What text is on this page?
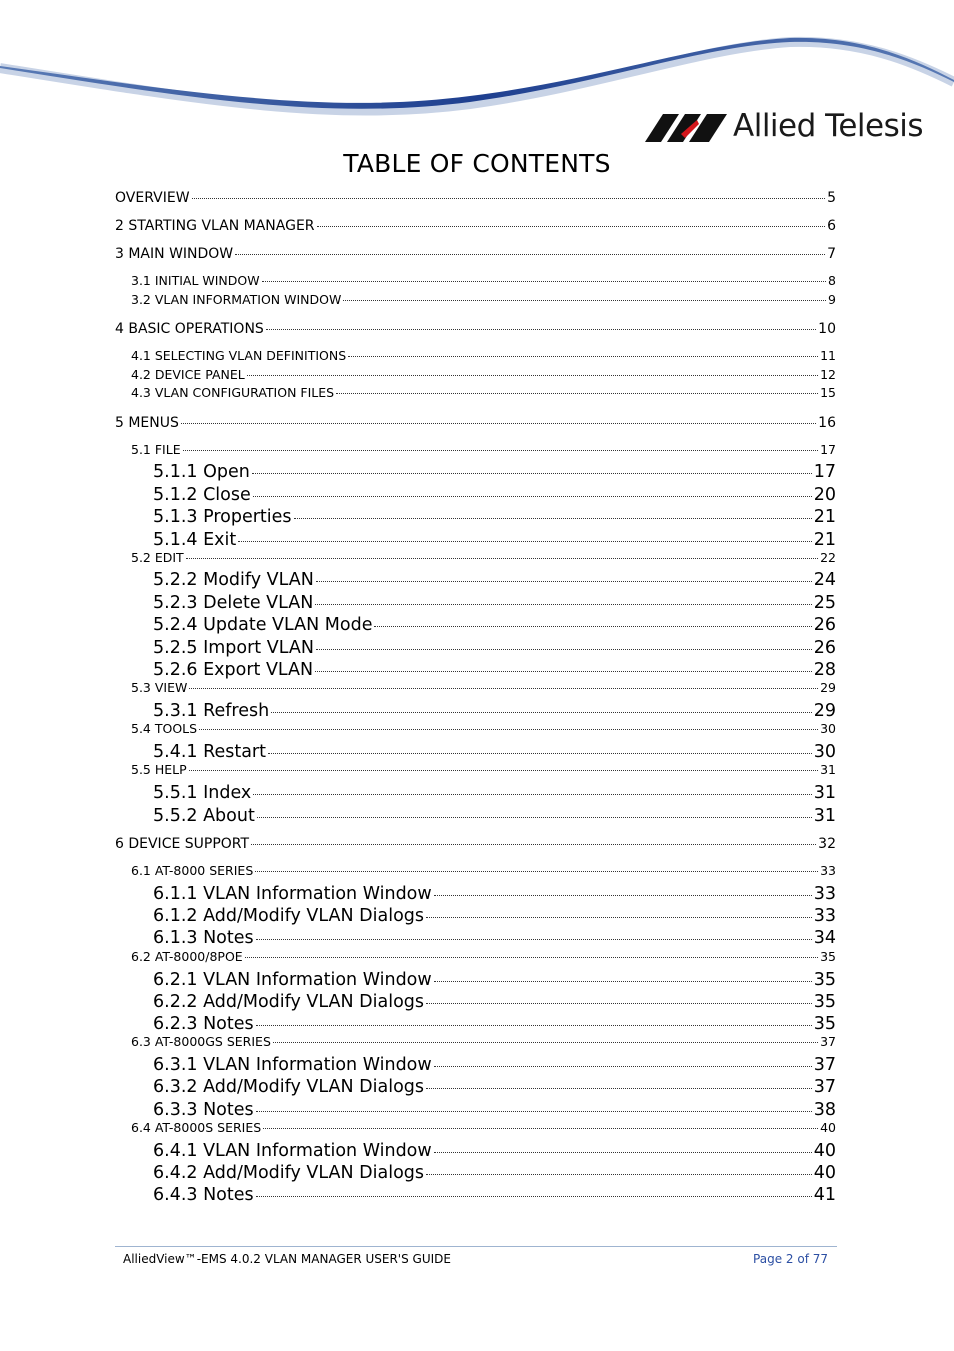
Allied Telesis
TABLE OF CONTENTS
OVERVIEW	5
2 STARTING VLAN MANAGER	6
3 MAIN WINDOW	7
3.1 INITIAL WINDOW	8
3.2 VLAN INFORMATION WINDOW	9
4 BASIC OPERATIONS	10
4.1 SELECTING VLAN DEFINITIONS	11
4.2 DEVICE PANEL	12
4.3 VLAN CONFIGURATION FILES	15
5 MENUS	16
5.1 FILE	17
5.1.1 Open	17
5.1.2 Close	20
5.1.3 Properties	21
5.1.4 Exit	21
5.2 EDIT	22
5.2.2 Modify VLAN	24
5.2.3 Delete VLAN	25
5.2.4 Update VLAN Mode	26
5.2.5 Import VLAN	26
5.2.6 Export VLAN	28
5.3 VIEW	29
5.3.1 Refresh	29
5.4 TOOLS	30
5.4.1 Restart	30
5.5 HELP	31
5.5.1 Index	31
5.5.2 About	31
6 DEVICE SUPPORT	32
6.1 AT-8000 SERIES	33
6.1.1 VLAN Information Window	33
6.1.2 Add/Modify VLAN Dialogs	33
6.1.3 Notes	34
6.2 AT-8000/8POE	35
6.2.1 VLAN Information Window	35
6.2.2 Add/Modify VLAN Dialogs	35
6.2.3 Notes	35
6.3 AT-8000GS SERIES	37
6.3.1 VLAN Information Window	37
6.3.2 Add/Modify VLAN Dialogs	37
6.3.3 Notes	38
6.4 AT-8000S SERIES	40
6.4.1 VLAN Information Window	40
6.4.2 Add/Modify VLAN Dialogs	40
6.4.3 Notes	41
AlliedView™-EMS 4.0.2 VLAN MANAGER USER'S GUIDE	Page 2 of 77
